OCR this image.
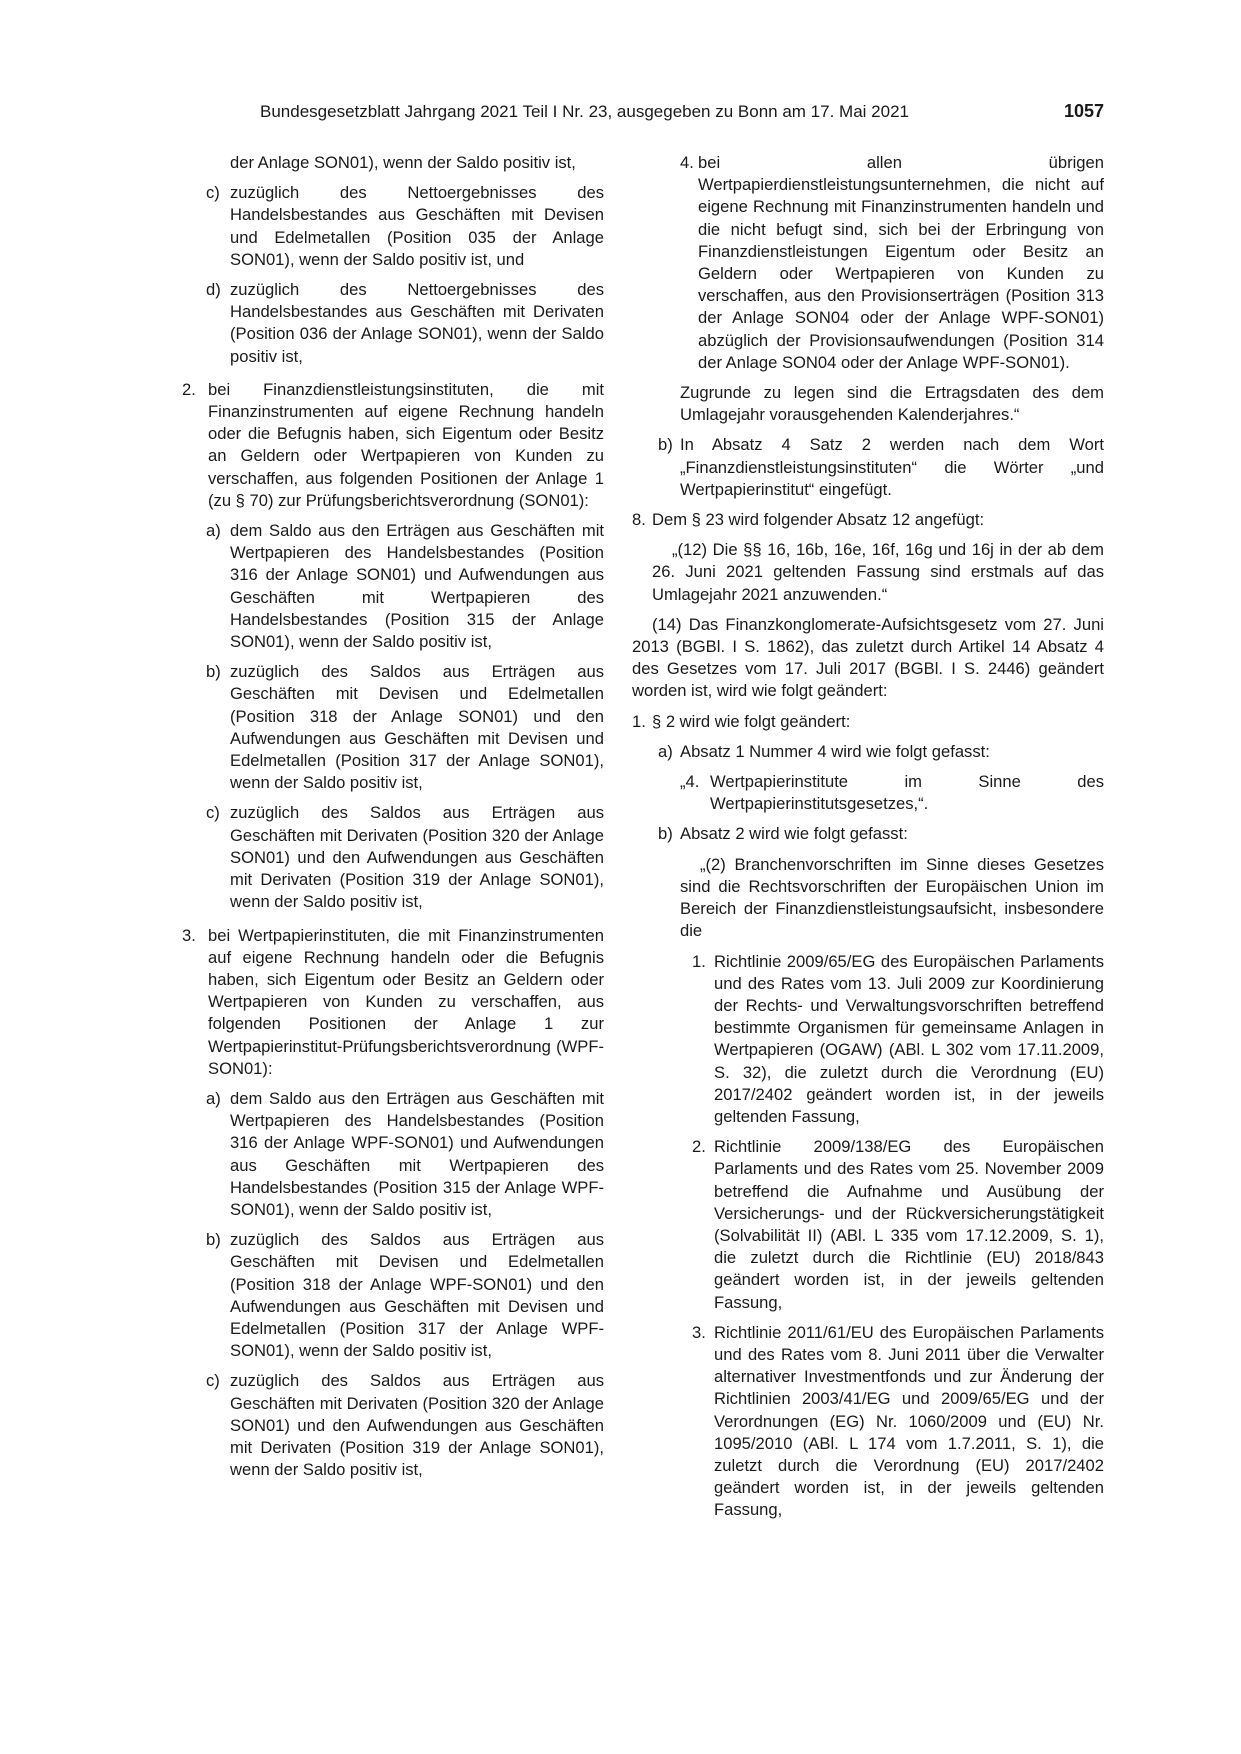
Bundesgesetzblatt Jahrgang 2021 Teil I Nr. 23, ausgegeben zu Bonn am 17. Mai 2021	1057
der Anlage SON01), wenn der Saldo positiv ist,
c) zuzüglich des Nettoergebnisses des Handelsbestandes aus Geschäften mit Devisen und Edelmetallen (Position 035 der Anlage SON01), wenn der Saldo positiv ist, und
d) zuzüglich des Nettoergebnisses des Handelsbestandes aus Geschäften mit Derivaten (Position 036 der Anlage SON01), wenn der Saldo positiv ist,
2. bei Finanzdienstleistungsinstituten, die mit Finanzinstrumenten auf eigene Rechnung handeln oder die Befugnis haben, sich Eigentum oder Besitz an Geldern oder Wertpapieren von Kunden zu verschaffen, aus folgenden Positionen der Anlage 1 (zu § 70) zur Prüfungsberichtsverordnung (SON01):
a) dem Saldo aus den Erträgen aus Geschäften mit Wertpapieren des Handelsbestandes (Position 316 der Anlage SON01) und Aufwendungen aus Geschäften mit Wertpapieren des Handelsbestandes (Position 315 der Anlage SON01), wenn der Saldo positiv ist,
b) zuzüglich des Saldos aus Erträgen aus Geschäften mit Devisen und Edelmetallen (Position 318 der Anlage SON01) und den Aufwendungen aus Geschäften mit Devisen und Edelmetallen (Position 317 der Anlage SON01), wenn der Saldo positiv ist,
c) zuzüglich des Saldos aus Erträgen aus Geschäften mit Derivaten (Position 320 der Anlage SON01) und den Aufwendungen aus Geschäften mit Derivaten (Position 319 der Anlage SON01), wenn der Saldo positiv ist,
3. bei Wertpapierinstituten, die mit Finanzinstrumenten auf eigene Rechnung handeln oder die Befugnis haben, sich Eigentum oder Besitz an Geldern oder Wertpapieren von Kunden zu verschaffen, aus folgenden Positionen der Anlage 1 zur Wertpapierinstitut-Prüfungsberichtsverordnung (WPF-SON01):
a) dem Saldo aus den Erträgen aus Geschäften mit Wertpapieren des Handelsbestandes (Position 316 der Anlage WPF-SON01) und Aufwendungen aus Geschäften mit Wertpapieren des Handelsbestandes (Position 315 der Anlage WPF-SON01), wenn der Saldo positiv ist,
b) zuzüglich des Saldos aus Erträgen aus Geschäften mit Devisen und Edelmetallen (Position 318 der Anlage WPF-SON01) und den Aufwendungen aus Geschäften mit Devisen und Edelmetallen (Position 317 der Anlage WPF-SON01), wenn der Saldo positiv ist,
c) zuzüglich des Saldos aus Erträgen aus Geschäften mit Derivaten (Position 320 der Anlage SON01) und den Aufwendungen aus Geschäften mit Derivaten (Position 319 der Anlage SON01), wenn der Saldo positiv ist,
4. bei allen übrigen Wertpapierdienstleistungsunternehmen, die nicht auf eigene Rechnung mit Finanzinstrumenten handeln und die nicht befugt sind, sich bei der Erbringung von Finanzdienstleistungen Eigentum oder Besitz an Geldern oder Wertpapieren von Kunden zu verschaffen, aus den Provisionserträgen (Position 313 der Anlage SON04 oder der Anlage WPF-SON01) abzüglich der Provisionsaufwendungen (Position 314 der Anlage SON04 oder der Anlage WPF-SON01).
Zugrunde zu legen sind die Ertragsdaten des dem Umlagejahr vorausgehenden Kalenderjahres.“
b) In Absatz 4 Satz 2 werden nach dem Wort „Finanzdienstleistungsinstituten“ die Wörter „und Wertpapierinstitut“ eingefügt.
8. Dem § 23 wird folgender Absatz 12 angefügt:
„(12) Die §§ 16, 16b, 16e, 16f, 16g und 16j in der ab dem 26. Juni 2021 geltenden Fassung sind erstmals auf das Umlagejahr 2021 anzuwenden.“
(14) Das Finanzkonglomerate-Aufsichtsgesetz vom 27. Juni 2013 (BGBl. I S. 1862), das zuletzt durch Artikel 14 Absatz 4 des Gesetzes vom 17. Juli 2017 (BGBl. I S. 2446) geändert worden ist, wird wie folgt geändert:
1. § 2 wird wie folgt geändert:
a) Absatz 1 Nummer 4 wird wie folgt gefasst:
„4. Wertpapierinstitute im Sinne des Wertpapierinstitutsgesetzes,“.
b) Absatz 2 wird wie folgt gefasst:
„(2) Branchenvorschriften im Sinne dieses Gesetzes sind die Rechtsvorschriften der Europäischen Union im Bereich der Finanzdienstleistungsaufsicht, insbesondere die
1. Richtlinie 2009/65/EG des Europäischen Parlaments und des Rates vom 13. Juli 2009 zur Koordinierung der Rechts- und Verwaltungsvorschriften betreffend bestimmte Organismen für gemeinsame Anlagen in Wertpapieren (OGAW) (ABl. L 302 vom 17.11.2009, S. 32), die zuletzt durch die Verordnung (EU) 2017/2402 geändert worden ist, in der jeweils geltenden Fassung,
2. Richtlinie 2009/138/EG des Europäischen Parlaments und des Rates vom 25. November 2009 betreffend die Aufnahme und Ausübung der Versicherungs- und der Rückversicherungstätigkeit (Solvabilität II) (ABl. L 335 vom 17.12.2009, S. 1), die zuletzt durch die Richtlinie (EU) 2018/843 geändert worden ist, in der jeweils geltenden Fassung,
3. Richtlinie 2011/61/EU des Europäischen Parlaments und des Rates vom 8. Juni 2011 über die Verwalter alternativer Investmentfonds und zur Änderung der Richtlinien 2003/41/EG und 2009/65/EG und der Verordnungen (EG) Nr. 1060/2009 und (EU) Nr. 1095/2010 (ABl. L 174 vom 1.7.2011, S. 1), die zuletzt durch die Verordnung (EU) 2017/2402 geändert worden ist, in der jeweils geltenden Fassung,
